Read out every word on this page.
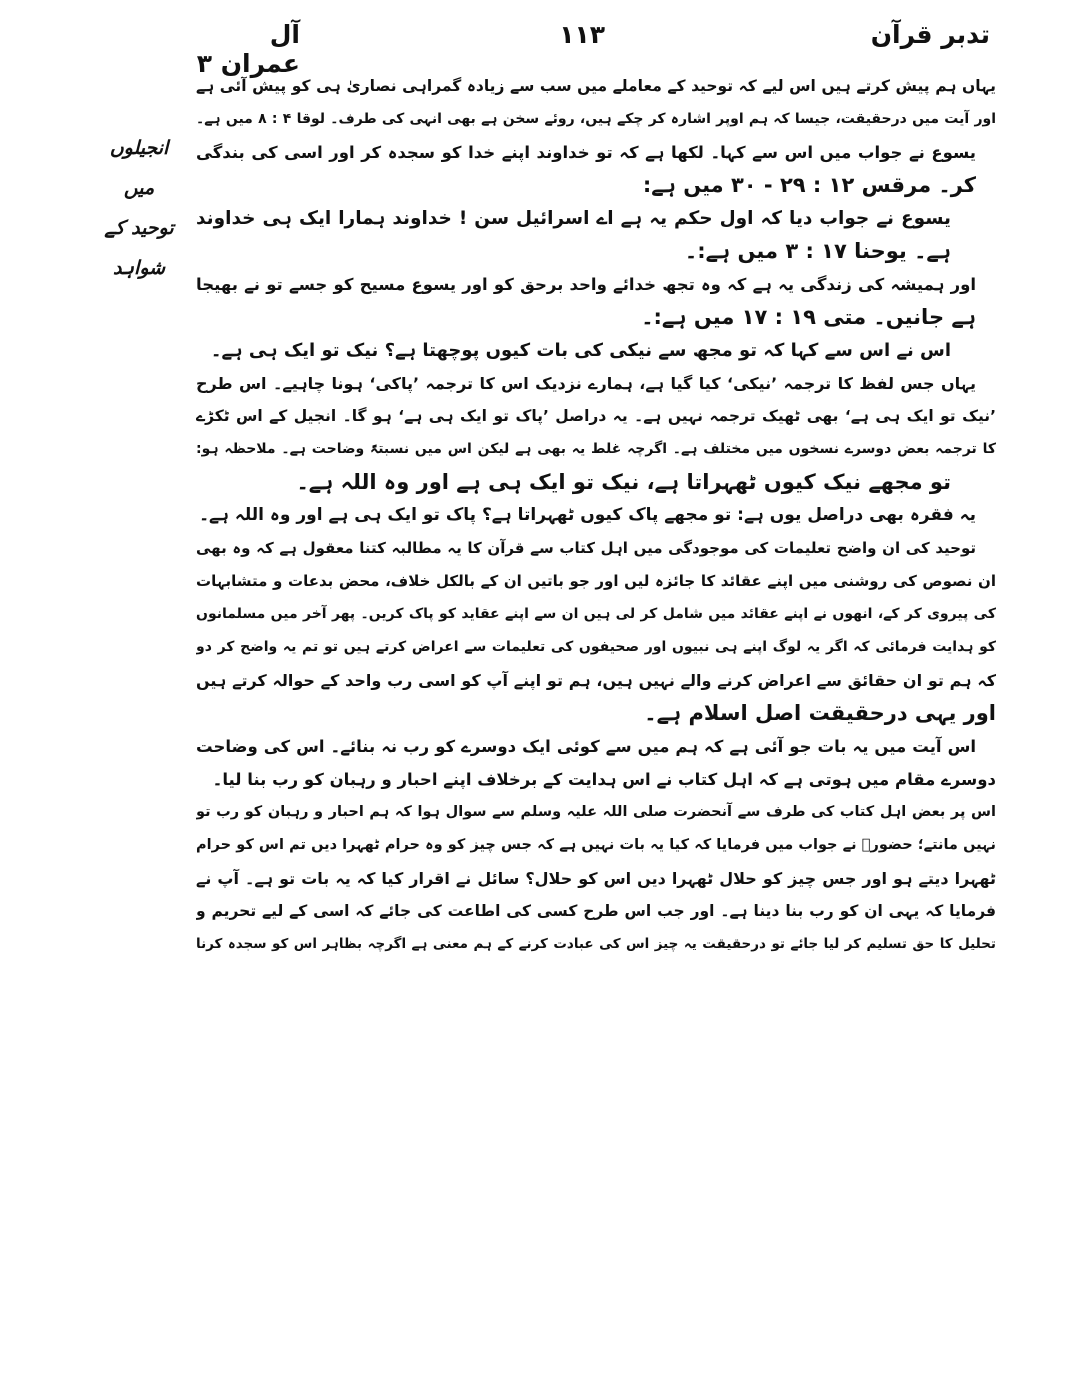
تدبر قرآن
۱۱۳
آل عمران ۳
انجیلوں میں
توحید کے
شواہد
یہاں ہم پیش کرتے ہیں اس لیے کہ توحید کے معاملے میں سب سے زیادہ گمراہی نصاریٰ ہی کو پیش آئی ہے
اور آیت میں درحقیقت، جیسا کہ ہم اوپر اشارہ کر چکے ہیں، روئے سخن ہے بھی انہی کی طرف۔ لوقا ۴ : ۸ میں ہے۔
یسوع نے جواب میں اس سے کہا۔ لکھا ہے کہ تو خداوند اپنے خدا کو سجدہ کر اور اسی کی بندگی
کر۔ مرقس ۱۲ : ۲۹ - ۳۰ میں ہے:
یسوع نے جواب دیا کہ اول حکم یہ ہے اے اسرائیل سن ! خداوند ہمارا ایک ہی خداوند
ہے۔ یوحنا ۱۷ : ۳ میں ہے:۔
اور ہمیشہ کی زندگی یہ ہے کہ وہ تجھ خدائے واحد برحق کو اور یسوع مسیح کو جسے تو نے بھیجا
ہے جانیں۔ متی ۱۹ : ۱۷ میں ہے:۔
اس نے اس سے کہا کہ تو مجھ سے نیکی کی بات کیوں پوچھتا ہے؟ نیک تو ایک ہی ہے۔
یہاں جس لفظ کا ترجمہ ’نیکی‘ کیا گیا ہے، ہمارے نزدیک اس کا ترجمہ ’پاکی‘ ہونا چاہیے۔ اس طرح
’نیک تو ایک ہی ہے‘ بھی ٹھیک ترجمہ نہیں ہے۔ یہ دراصل ’پاک تو ایک ہی ہے‘ ہو گا۔ انجیل کے اس ٹکڑے
کا ترجمہ بعض دوسرے نسخوں میں مختلف ہے۔ اگرچہ غلط یہ بھی ہے لیکن اس میں نسبتہً وضاحت ہے۔ ملاحظہ ہو:
تو مجھے نیک کیوں ٹھہراتا ہے، نیک تو ایک ہی ہے اور وہ اللہ ہے۔
یہ فقرہ بھی دراصل یوں ہے: تو مجھے پاک کیوں ٹھہراتا ہے؟ پاک تو ایک ہی ہے اور وہ اللہ ہے۔
توحید کی ان واضح تعلیمات کی موجودگی میں اہل کتاب سے قرآن کا یہ مطالبہ کتنا معقول ہے کہ وہ بھی
ان نصوص کی روشنی میں اپنے عقائد کا جائزہ لیں اور جو باتیں ان کے بالکل خلاف، محض بدعات و متشابہات
کی پیروی کر کے، انھوں نے اپنے عقائد میں شامل کر لی ہیں ان سے اپنے عقاید کو پاک کریں۔ پھر آخر میں مسلمانوں
کو ہدایت فرمائی کہ اگر یہ لوگ اپنے ہی نبیوں اور صحیفوں کی تعلیمات سے اعراض کرتے ہیں تو تم یہ واضح کر دو
کہ ہم تو ان حقائق سے اعراض کرنے والے نہیں ہیں، ہم تو اپنے آپ کو اسی رب واحد کے حوالہ کرتے ہیں
اور یہی درحقیقت اصل اسلام ہے۔
اس آیت میں یہ بات جو آئی ہے کہ ہم میں سے کوئی ایک دوسرے کو رب نہ بنائے۔ اس کی وضاحت
دوسرے مقام میں ہوتی ہے کہ اہل کتاب نے اس ہدایت کے برخلاف اپنے احبار و رہبان کو رب بنا لیا۔
اس پر بعض اہل کتاب کی طرف سے آنحضرت صلی اللہ علیہ وسلم سے سوال ہوا کہ ہم احبار و رہبان کو رب تو
نہیں مانتے؛ حضورؐ نے جواب میں فرمایا کہ کیا یہ بات نہیں ہے کہ جس چیز کو وہ حرام ٹھہرا دیں تم اس کو حرام
ٹھہرا دیتے ہو اور جس چیز کو حلال ٹھہرا دیں اس کو حلال؟ سائل نے اقرار کیا کہ یہ بات تو ہے۔ آپ نے
فرمایا کہ یہی ان کو رب بنا دینا ہے۔ اور جب اس طرح کسی کی اطاعت کی جائے کہ اسی کے لیے تحریم و
تحلیل کا حق تسلیم کر لیا جائے تو درحقیقت یہ چیز اس کی عبادت کرنے کے ہم معنی ہے اگرچہ بظاہر اس کو سجدہ کرنا
